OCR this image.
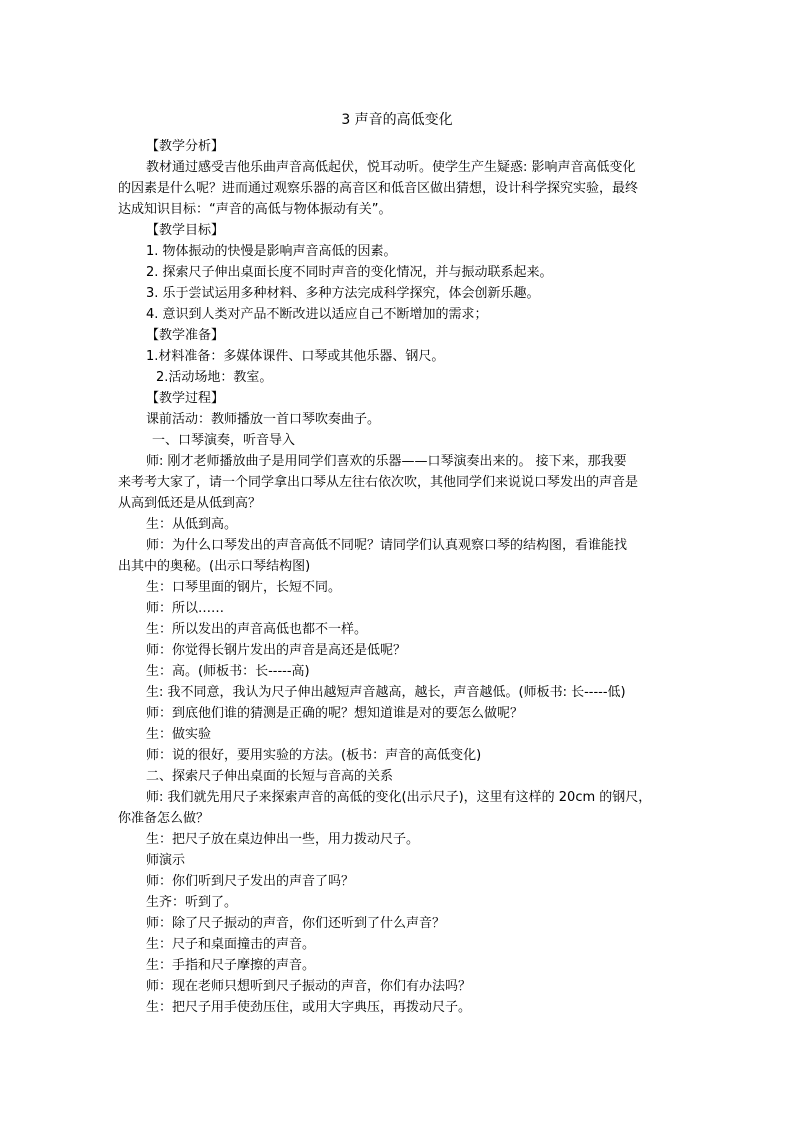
3 声音的高低变化
【教学分析】
教材通过感受吉他乐曲声音高低起伏，悦耳动听。使学生产生疑惑: 影响声音高低变化
的因素是什么呢？进而通过观察乐器的高音区和低音区做出猜想，设计科学探究实验，最终
达成知识目标：“声音的高低与物体振动有关”。
【教学目标】
1. 物体振动的快慢是影响声音高低的因素。
2. 探索尺子伸出桌面长度不同时声音的变化情况，并与振动联系起来。
3. 乐于尝试运用多种材料、多种方法完成科学探究，体会创新乐趣。
4. 意识到人类对产品不断改进以适应自己不断增加的需求；
【教学准备】
1.材料准备：多媒体课件、口琴或其他乐器、钢尺。
2.活动场地：教室。
【教学过程】
课前活动：教师播放一首口琴吹奏曲子。
一、口琴演奏，听音导入
师: 刚才老师播放曲子是用同学们喜欢的乐器——口琴演奏出来的。 接下来，那我要
来考考大家了，请一个同学拿出口琴从左往右依次吹，其他同学们来说说口琴发出的声音是
从高到低还是从低到高？
生：从低到高。
师：为什么口琴发出的声音高低不同呢？请同学们认真观察口琴的结构图，看谁能找
出其中的奥秘。(出示口琴结构图)
生：口琴里面的钢片，长短不同。
师：所以……
生：所以发出的声音高低也都不一样。
师：你觉得长钢片发出的声音是高还是低呢？
生：高。(师板书：长-----高)
生: 我不同意，我认为尺子伸出越短声音越高，越长，声音越低。(师板书: 长-----低)
师：到底他们谁的猜测是正确的呢？想知道谁是对的要怎么做呢？
生：做实验
师：说的很好，要用实验的方法。(板书：声音的高低变化)
二、探索尺子伸出桌面的长短与音高的关系
师: 我们就先用尺子来探索声音的高低的变化(出示尺子)，这里有这样的 20cm 的钢尺，
你准备怎么做？
生：把尺子放在桌边伸出一些，用力拨动尺子。
师演示
师：你们听到尺子发出的声音了吗？
生齐：听到了。
师：除了尺子振动的声音，你们还听到了什么声音？
生：尺子和桌面撞击的声音。
生：手指和尺子摩擦的声音。
师：现在老师只想听到尺子振动的声音，你们有办法吗？
生：把尺子用手使劲压住，或用大字典压，再拨动尺子。
